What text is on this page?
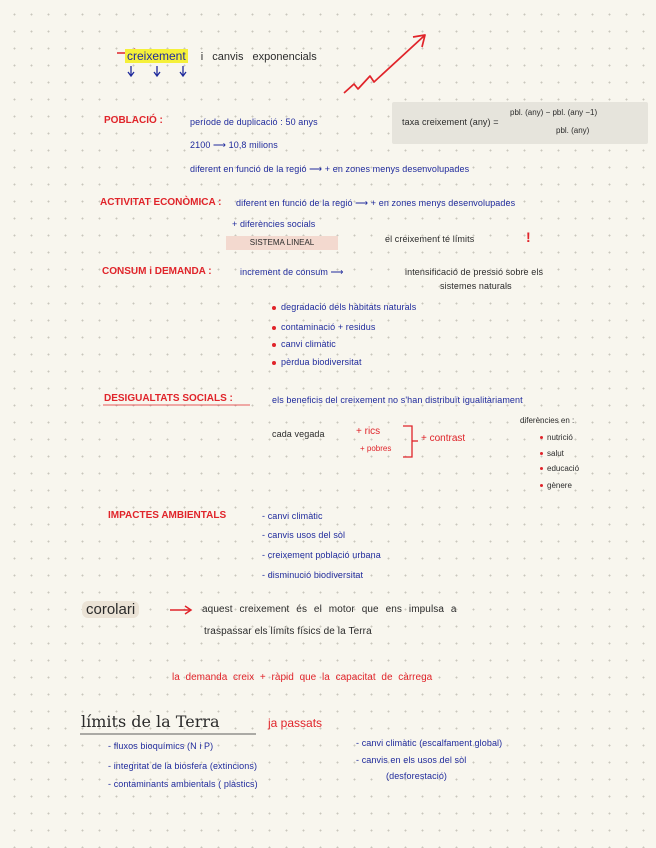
creixement i canvis exponencials
POBLACIÓ :	període de duplicació : 50 anys
2100 ⟶ 10,8 milions
diferent en funció de la regió ⟶ + en zones menys desenvolupades
taxa creixement (any) =
pbl. (any) − pbl. (any −1)
pbl. (any)
ACTIVITAT ECONÒMICA : diferent en funció de la regió ⟶ + en zones menys desenvolupades
+ diferències socials
SISTEMA LINEAL	el creixement té límits	!
CONSUM i DEMANDA :	increment de consum ⟶	intensificació de pressió sobre els
sistemes naturals
degradació dels hàbitats naturals
contaminació + residus
canvi climàtic
pèrdua biodiversitat
DESIGUALTATS SOCIALS :	els beneficis del creixement no s'han distribuït igualitàriament
cada vegada	+ rics
+ pobres
+ contrast
diferències en :
nutrició
salut
educació
gènere
IMPACTES AMBIENTALS	- canvi climàtic
- canvis usos del sòl
- creixement població urbana
- disminució biodiversitat
corolari	aquest creixement és el motor que ens impulsa a
traspassar els límits físics de la Terra
la demanda creix + ràpid que la capacitat de càrrega
límits de la Terra	ja passats
- fluxos bioquímics (N i P)
- integritat de la biosfera (extincions)
- contaminants ambientals ( plàstics)
- canvi climàtic (escalfament global)
- canvis en els usos del sòl
(desforestació)
